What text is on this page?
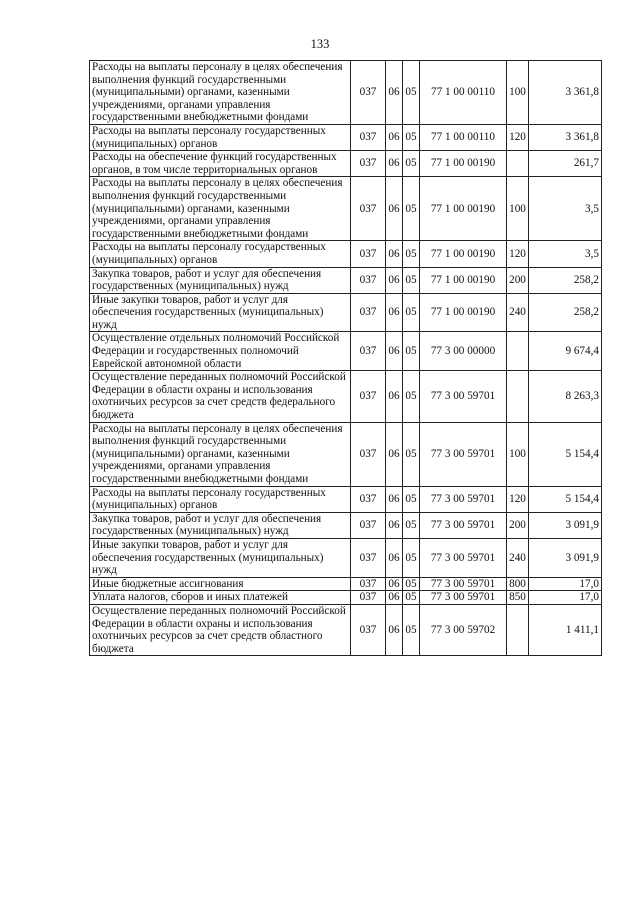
133
Расходы на выплаты персоналу в целях обеспечения выполнения функций государственными (муниципальными) органами, казенными учреждениями, органами управления государственными внебюджетными фондами	037	06	05	77 1 00 00110	100	3 361,8
Расходы на выплаты персоналу государственных (муниципальных) органов	037	06	05	77 1 00 00110	120	3 361,8
Расходы на обеспечение функций государственных органов, в том числе территориальных органов	037	06	05	77 1 00 00190		261,7
Расходы на выплаты персоналу в целях обеспечения выполнения функций государственными (муниципальными) органами, казенными учреждениями, органами управления государственными внебюджетными фондами	037	06	05	77 1 00 00190	100	3,5
Расходы на выплаты персоналу государственных (муниципальных) органов	037	06	05	77 1 00 00190	120	3,5
Закупка товаров, работ и услуг для обеспечения государственных (муниципальных) нужд	037	06	05	77 1 00 00190	200	258,2
Иные закупки товаров, работ и услуг для обеспечения государственных (муниципальных) нужд	037	06	05	77 1 00 00190	240	258,2
Осуществление отдельных полномочий Российской Федерации и государственных полномочий Еврейской автономной области	037	06	05	77 3 00 00000		9 674,4
Осуществление переданных полномочий Российской Федерации в области охраны и использования охотничьих ресурсов за счет средств федерального бюджета	037	06	05	77 3 00 59701		8 263,3
Расходы на выплаты персоналу в целях обеспечения выполнения функций государственными (муниципальными) органами, казенными учреждениями, органами управления государственными внебюджетными фондами	037	06	05	77 3 00 59701	100	5 154,4
Расходы на выплаты персоналу государственных (муниципальных) органов	037	06	05	77 3 00 59701	120	5 154,4
Закупка товаров, работ и услуг для обеспечения государственных (муниципальных) нужд	037	06	05	77 3 00 59701	200	3 091,9
Иные закупки товаров, работ и услуг для обеспечения государственных (муниципальных) нужд	037	06	05	77 3 00 59701	240	3 091,9
Иные бюджетные ассигнования	037	06	05	77 3 00 59701	800	17,0
Уплата налогов, сборов и иных платежей	037	06	05	77 3 00 59701	850	17,0
Осуществление переданных полномочий Российской Федерации в области охраны и использования охотничьих ресурсов за счет средств областного бюджета	037	06	05	77 3 00 59702		1 411,1
